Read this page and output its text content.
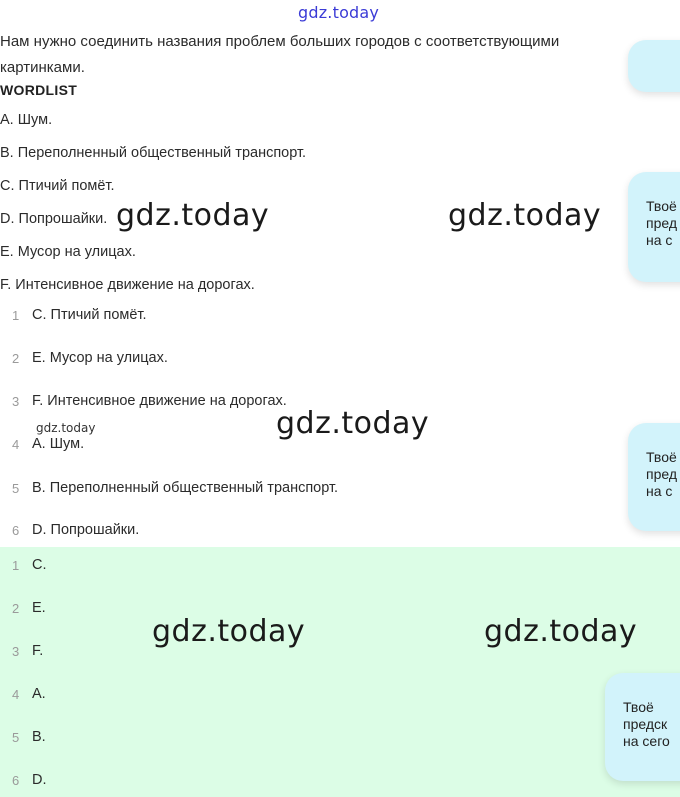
gdz.today
Нам нужно соединить названия проблем больших городов с соответствующими картинками.
WORDLIST
A. Шум.
B. Переполненный общественный транспорт.
C. Птичий помёт.
D. Попрошайки.
E. Мусор на улицах.
F. Интенсивное движение на дорогах.
1 C. Птичий помёт.
2 E. Мусор на улицах.
3 F. Интенсивное движение на дорогах.
4 A. Шум.
5 B. Переполненный общественный транспорт.
6 D. Попрошайки.
1 C.
2 E.
3 F.
4 A.
5 B.
6 D.
gdz.today	gdz.today
gdz.today
gdz.today
gdz.today	gdz.today
Твоё
пред
на с
Твоё
пред
на с
Твоё
предск
на сего
